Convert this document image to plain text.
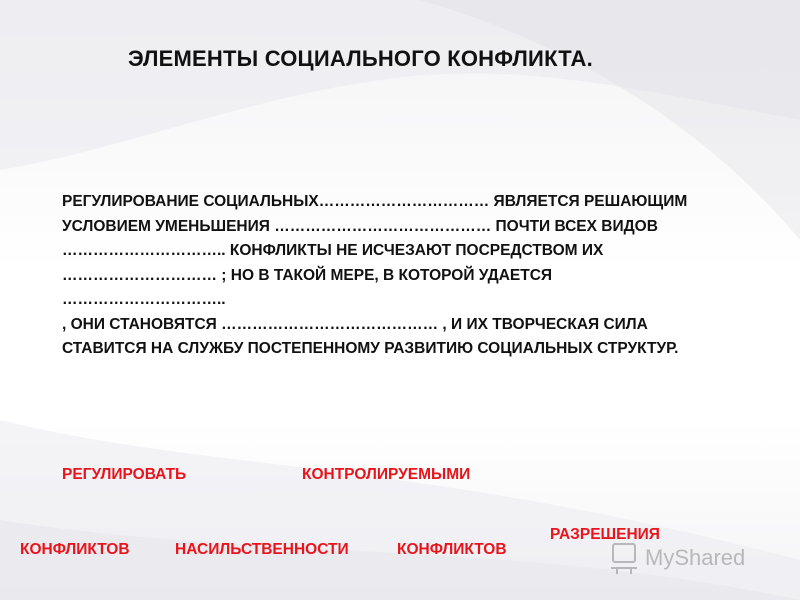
ЭЛЕМЕНТЫ СОЦИАЛЬНОГО КОНФЛИКТА.
РЕГУЛИРОВАНИЕ СОЦИАЛЬНЫХ…………………………… ЯВЛЯЕТСЯ РЕШАЮЩИМ
УСЛОВИЕМ УМЕНЬШЕНИЯ …………………………………… ПОЧТИ ВСЕХ ВИДОВ
………………………….. КОНФЛИКТЫ НЕ ИСЧЕЗАЮТ ПОСРЕДСТВОМ ИХ
………………………… ; НО В ТАКОЙ МЕРЕ, В КОТОРОЙ УДАЕТСЯ
…………………………..
, ОНИ СТАНОВЯТСЯ …………………………………… , И ИХ ТВОРЧЕСКАЯ СИЛА
СТАВИТСЯ НА СЛУЖБУ ПОСТЕПЕННОМУ РАЗВИТИЮ СОЦИАЛЬНЫХ СТРУКТУР.
РЕГУЛИРОВАТЬ	КОНТРОЛИРУЕМЫМИ
РАЗРЕШЕНИЯ
КОНФЛИКТОВ	НАСИЛЬСТВЕННОСТИ	КОНФЛИКТОВ	MyShared
